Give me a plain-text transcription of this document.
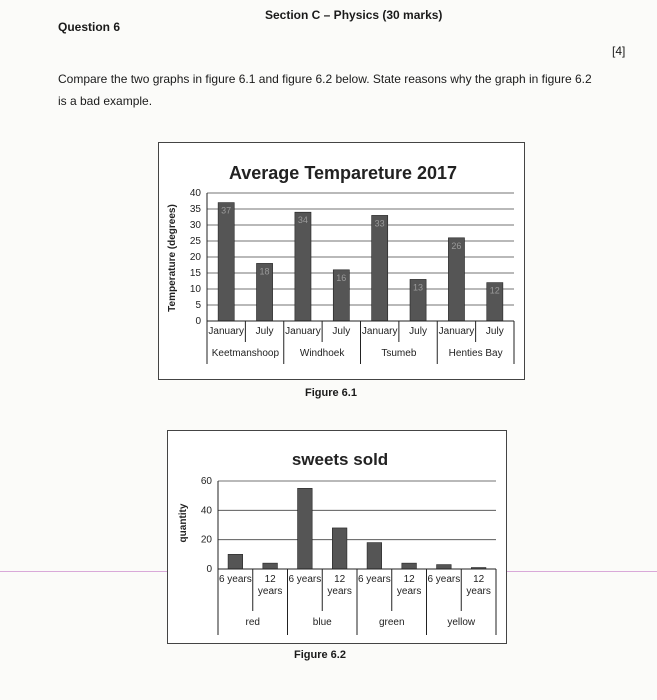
Section C – Physics (30 marks)
Question 6
[4]
Compare the two graphs in figure 6.1 and figure 6.2 below. State reasons why the graph in figure 6.2
is a bad example.
Average Tempareture 2017
Temperature (degrees)
0
5
10
15
20
25
30
35
40
37
18
34
16
33
13
26
12
January July January July January July January July
Keetmanshoop Windhoek	Tsumeb	Henties Bay
Figure 6.1
sweets sold
quantity
0
20
40
60
6 years	12 years
6 years	12 years
6 years	12 years
6 years	12 years
red	blue	green	yellow
Figure 6.2
